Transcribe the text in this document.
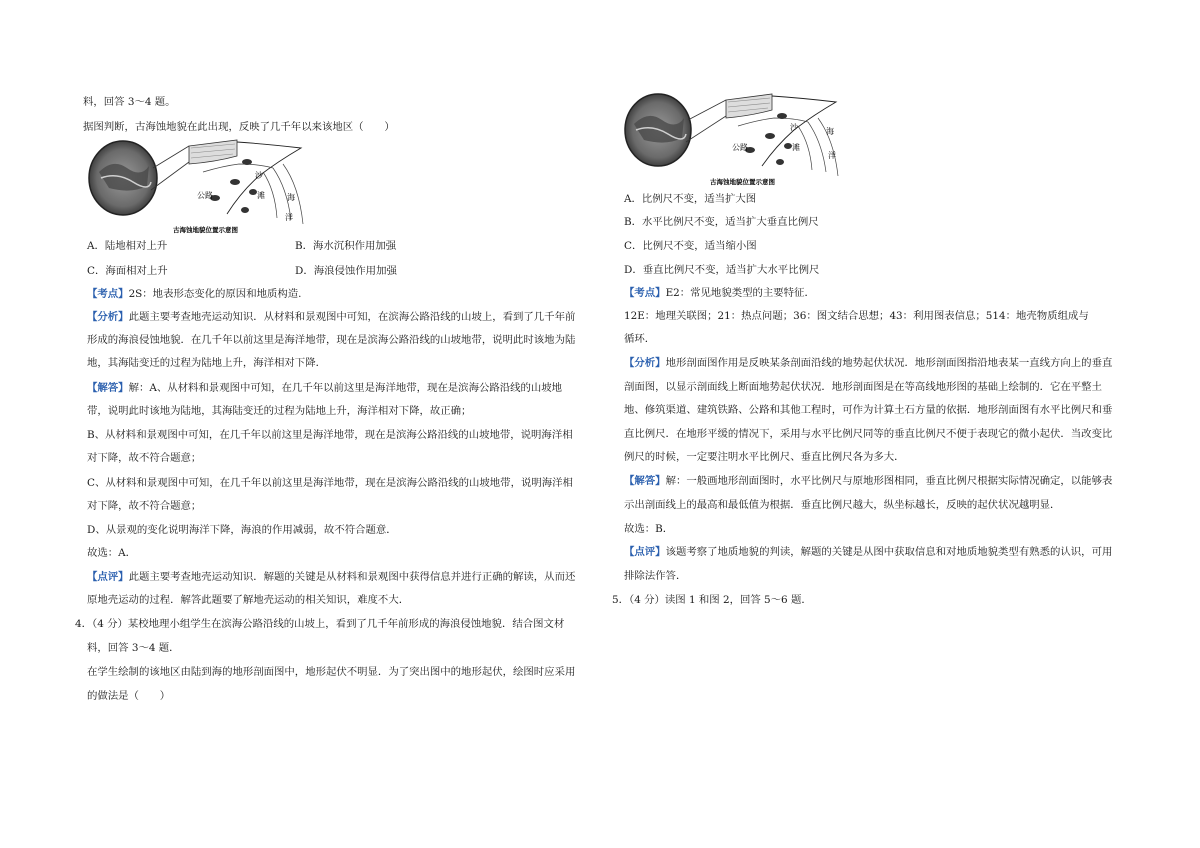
料，回答 3～4 题。
据图判断，古海蚀地貌在此出现，反映了几千年以来该地区（　　）
公路
沙
滩	海
洋
古海蚀地貌位置示意图
A．陆地相对上升	B．海水沉积作用加强
C．海面相对上升	D．海浪侵蚀作用加强
【考点】2S：地表形态变化的原因和地质构造.
【分析】此题主要考查地壳运动知识．从材料和景观图中可知，在滨海公路沿线的山坡上，看到了几千年前
形成的海浪侵蚀地貌．在几千年以前这里是海洋地带，现在是滨海公路沿线的山坡地带，说明此时该地为陆
地，其海陆变迁的过程为陆地上升，海洋相对下降．
【解答】解：A、从材料和景观图中可知，在几千年以前这里是海洋地带，现在是滨海公路沿线的山坡地
带，说明此时该地为陆地，其海陆变迁的过程为陆地上升，海洋相对下降，故正确；
B、从材料和景观图中可知，在几千年以前这里是海洋地带，现在是滨海公路沿线的山坡地带，说明海洋相
对下降，故不符合题意；
C、从材料和景观图中可知，在几千年以前这里是海洋地带，现在是滨海公路沿线的山坡地带，说明海洋相
对下降，故不符合题意；
D、从景观的变化说明海洋下降，海浪的作用减弱，故不符合题意．
故选：A．
【点评】此题主要考查地壳运动知识．解题的关键是从材料和景观图中获得信息并进行正确的解读，从而还
原地壳运动的过程．解答此题要了解地壳运动的相关知识，难度不大．
4．（4 分）某校地理小组学生在滨海公路沿线的山坡上，看到了几千年前形成的海浪侵蚀地貌．结合图文材
料，回答 3～4 题．
在学生绘制的该地区由陆到海的地形剖面图中，地形起伏不明显．为了突出图中的地形起伏，绘图时应采用
的做法是（　　）
公路
沙
滩
海
洋
古海蚀地貌位置示意图
A．比例尺不变，适当扩大图
B．水平比例尺不变，适当扩大垂直比例尺
C．比例尺不变，适当缩小图
D．垂直比例尺不变，适当扩大水平比例尺
【考点】E2：常见地貌类型的主要特征．
12E：地理关联图；21：热点问题；36：图文结合思想；43：利用图表信息；514：地壳物质组成与
循环．
【分析】地形剖面图作用是反映某条剖面沿线的地势起伏状况．地形剖面图指沿地表某一直线方向上的垂直
剖面图，以显示剖面线上断面地势起伏状况．地形剖面图是在等高线地形图的基础上绘制的．它在平整土
地、修筑渠道、建筑铁路、公路和其他工程时，可作为计算土石方量的依据．地形剖面图有水平比例尺和垂
直比例尺．在地形平缓的情况下，采用与水平比例尺同等的垂直比例尺不便于表现它的微小起伏．当改变比
例尺的时候，一定要注明水平比例尺、垂直比例尺各为多大．
【解答】解：一般画地形剖面图时，水平比例尺与原地形图相同，垂直比例尺根据实际情况确定，以能够表
示出剖面线上的最高和最低值为根据．垂直比例尺越大，纵坐标越长，反映的起伏状况越明显．
故选：B．
【点评】该题考察了地质地貌的判读，解题的关键是从图中获取信息和对地质地貌类型有熟悉的认识，可用
排除法作答．
5．（4 分）读图 1 和图 2，回答 5～6 题．
